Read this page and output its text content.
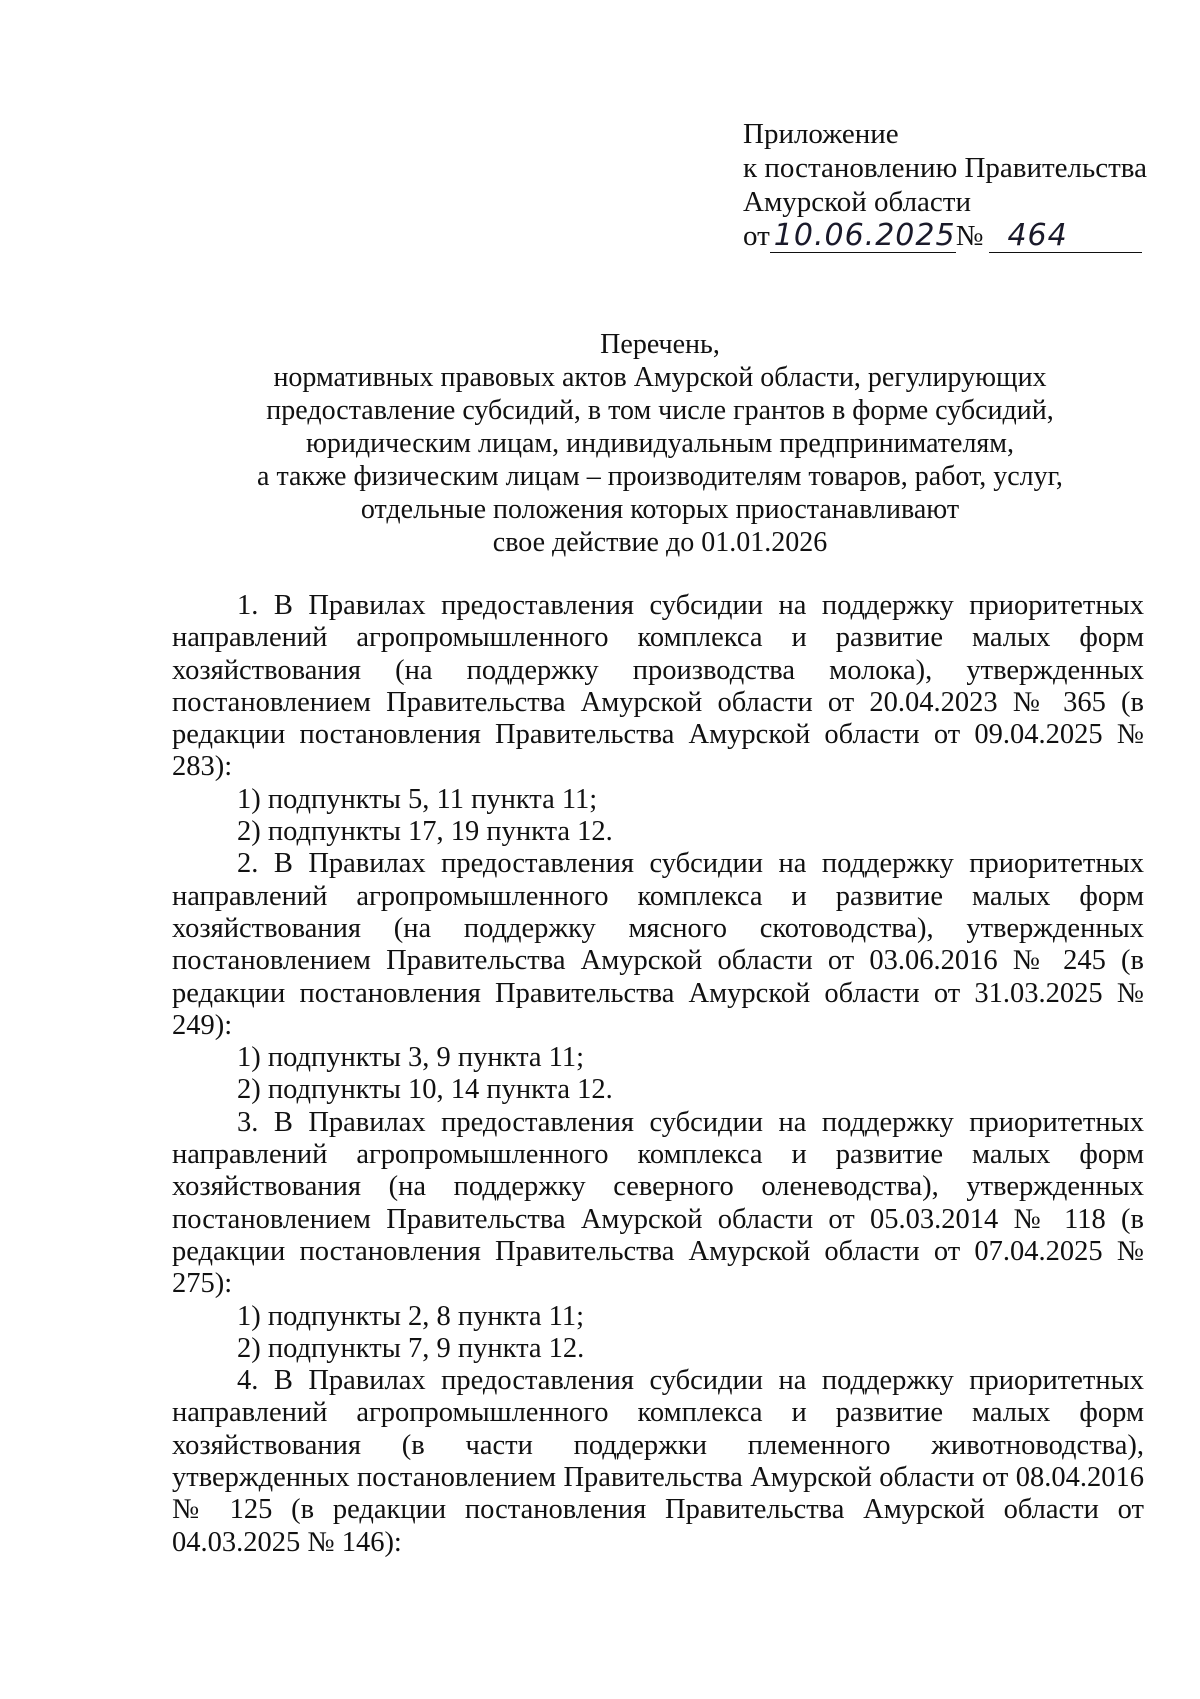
Приложение
к постановлению Правительства
Амурской области
от 10.06.2025№ 464
Перечень,
нормативных правовых актов Амурской области, регулирующих
предоставление субсидий, в том числе грантов в форме субсидий,
юридическим лицам, индивидуальным предпринимателям,
а также физическим лицам – производителям товаров, работ, услуг,
отдельные положения которых приостанавливают
свое действие до 01.01.2026

1. В Правилах предоставления субсидии на поддержку приоритетных направлений агропромышленного комплекса и развитие малых форм хозяйствования (на поддержку производства молока), утвержденных постановлением Правительства Амурской области от 20.04.2023 № 365 (в редакции постановления Правительства Амурской области от 09.04.2025 № 283):

1) подпункты 5, 11 пункта 11;

2) подпункты 17, 19 пункта 12.

2. В Правилах предоставления субсидии на поддержку приоритетных направлений агропромышленного комплекса и развитие малых форм хозяйствования (на поддержку мясного скотоводства), утвержденных постановлением Правительства Амурской области от 03.06.2016 № 245 (в редакции постановления Правительства Амурской области от 31.03.2025 № 249):

1) подпункты 3, 9 пункта 11;

2) подпункты 10, 14 пункта 12.

3. В Правилах предоставления субсидии на поддержку приоритетных направлений агропромышленного комплекса и развитие малых форм хозяйствования (на поддержку северного оленеводства), утвержденных постановлением Правительства Амурской области от 05.03.2014 № 118 (в редакции постановления Правительства Амурской области от 07.04.2025 № 275):

1) подпункты 2, 8 пункта 11;

2) подпункты 7, 9 пункта 12.

4. В Правилах предоставления субсидии на поддержку приоритетных направлений агропромышленного комплекса и развитие малых форм хозяйствования (в части поддержки племенного животноводства), утвержденных постановлением Правительства Амурской области от 08.04.2016 № 125 (в редакции постановления Правительства Амурской области от 04.03.2025 № 146):
